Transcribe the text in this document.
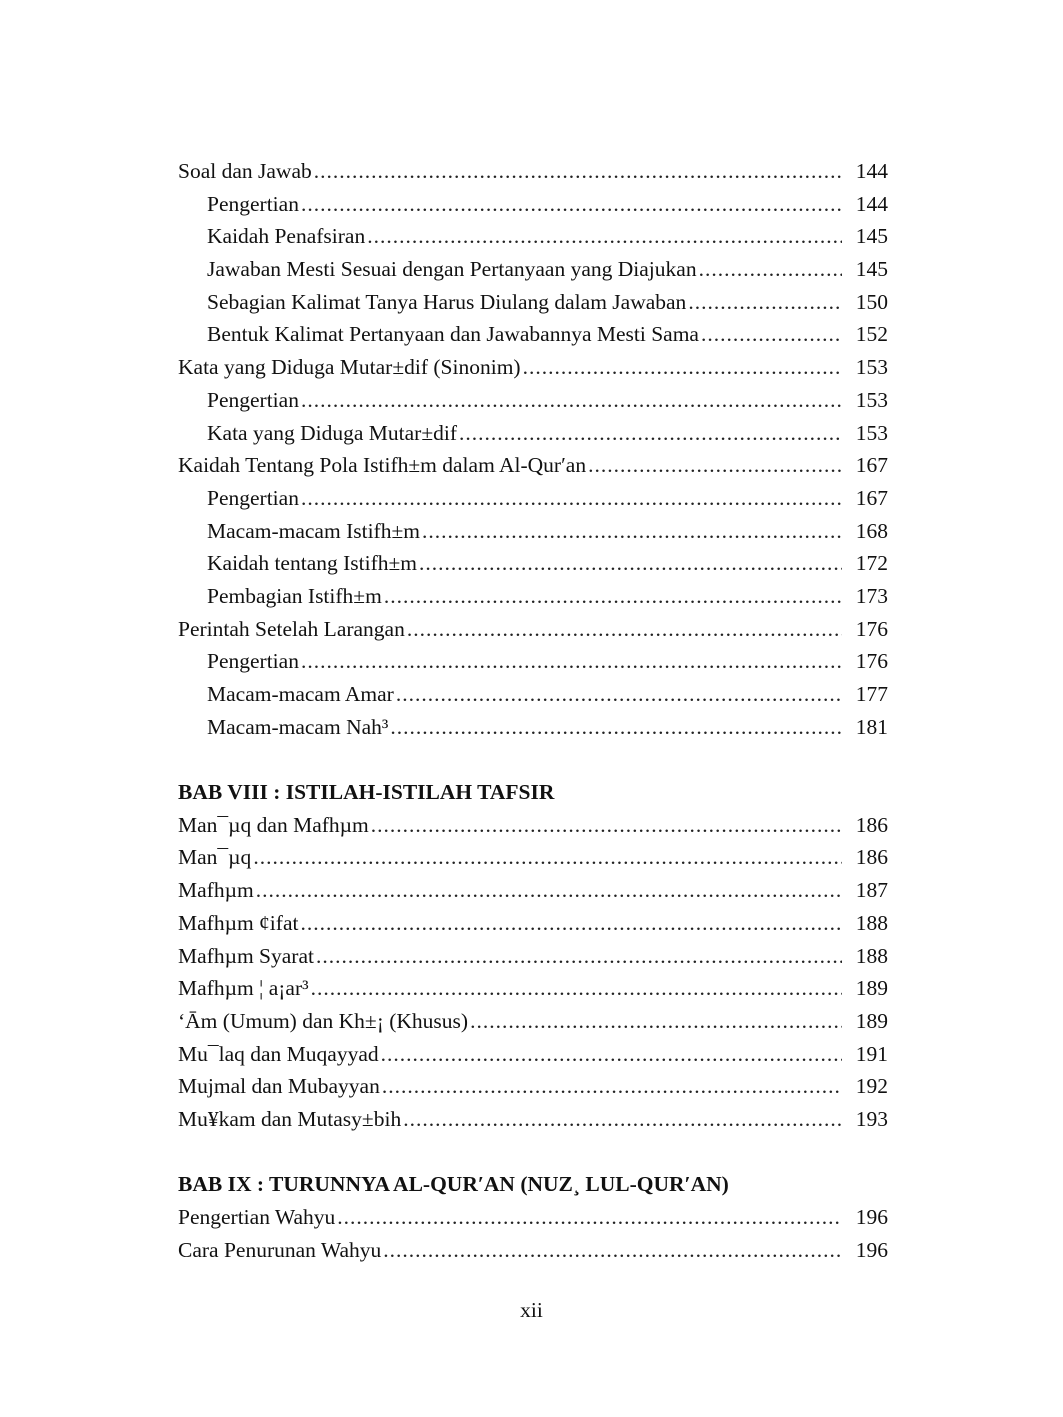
Soal dan Jawab .....	144
Pengertian .....	144
Kaidah Penafsiran .....	145
Jawaban Mesti Sesuai dengan Pertanyaan yang Diajukan .....	145
Sebagian Kalimat Tanya Harus Diulang dalam Jawaban .....	150
Bentuk Kalimat Pertanyaan dan Jawabannya Mesti Sama .....	152
Kata yang Diduga Mutar±dif (Sinonim) .....	153
Pengertian .....	153
Kata yang Diduga Mutar±dif .....	153
Kaidah Tentang Pola Istifh±m dalam Al-Qur′an .....	167
Pengertian .....	167
Macam-macam Istifh±m .....	168
Kaidah tentang Istifh±m .....	172
Pembagian Istifh±m .....	173
Perintah Setelah Larangan .....	176
Pengertian .....	176
Macam-macam Amar .....	177
Macam-macam Nah³ .....	181
BAB VIII : ISTILAH-ISTILAH TAFSIR
Man¯µq dan Mafhµm .....	186
Man¯µq .....	186
Mafhµm .....	187
Mafhµm ¢ifat .....	188
Mafhµm Syarat .....	188
Mafhµm ¦ a¡ar³ .....	189
‘Ām (Umum) dan Kh±¡ (Khusus) .....	189
Mu¯laq dan Muqayyad .....	191
Mujmal dan Mubayyan .....	192
Mu¥kam dan Mutasy±bih .....	193
BAB IX : TURUNNYA AL-QUR′AN (NUZ¸ LUL-QUR′AN)
Pengertian Wahyu .....	196
Cara Penurunan Wahyu .....	196
xii
